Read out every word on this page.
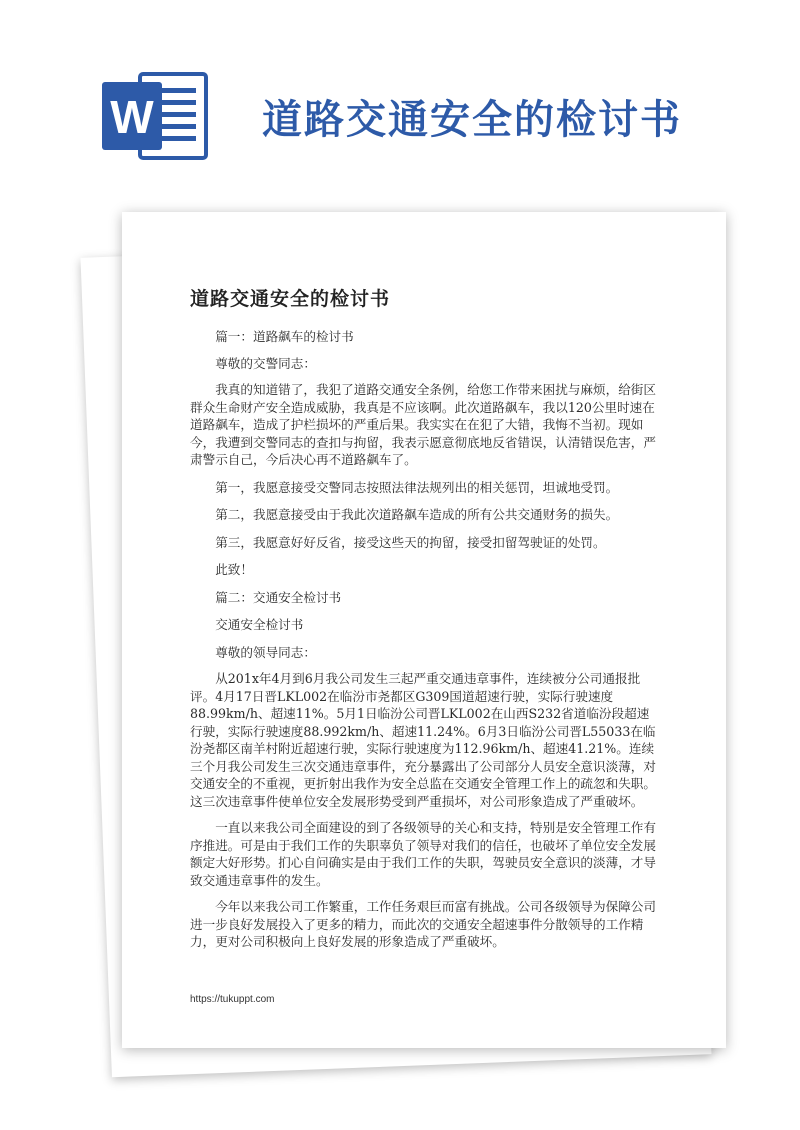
W	道路交通安全的检讨书
道路交通安全的检讨书

篇一：道路飙车的检讨书

尊敬的交警同志：

我真的知道错了，我犯了道路交通安全条例，给您工作带来困扰与麻烦，给街区群众生命财产安全造成威胁，我真是不应该啊。此次道路飙车，我以120公里时速在道路飙车，造成了护栏损坏的严重后果。我实实在在犯了大错，我悔不当初。现如今，我遭到交警同志的查扣与拘留，我表示愿意彻底地反省错误，认清错误危害，严肃警示自己，今后决心再不道路飙车了。

第一，我愿意接受交警同志按照法律法规列出的相关惩罚，坦诚地受罚。

第二，我愿意接受由于我此次道路飙车造成的所有公共交通财务的损失。

第三，我愿意好好反省，接受这些天的拘留，接受扣留驾驶证的处罚。

此致！

篇二：交通安全检讨书

交通安全检讨书

尊敬的领导同志：

从201x年4月到6月我公司发生三起严重交通违章事件，连续被分公司通报批评。4月17日晋LKL002在临汾市尧都区G309国道超速行驶，实际行驶速度88.99km/h、超速11%。5月1日临汾公司晋LKL002在山西S232省道临汾段超速行驶，实际行驶速度88.992km/h、超速11.24%。6月3日临汾公司晋L55033在临汾尧都区南羊村附近超速行驶，实际行驶速度为112.96km/h、超速41.21%。连续三个月我公司发生三次交通违章事件，充分暴露出了公司部分人员安全意识淡薄，对交通安全的不重视，更折射出我作为安全总监在交通安全管理工作上的疏忽和失职。这三次违章事件使单位安全发展形势受到严重损坏，对公司形象造成了严重破坏。

一直以来我公司全面建设的到了各级领导的关心和支持，特别是安全管理工作有序推进。可是由于我们工作的失职辜负了领导对我们的信任，也破坏了单位安全发展额定大好形势。扪心自问确实是由于我们工作的失职，驾驶员安全意识的淡薄，才导致交通违章事件的发生。

今年以来我公司工作繁重，工作任务艰巨而富有挑战。公司各级领导为保障公司进一步良好发展投入了更多的精力，而此次的交通安全超速事件分散领导的工作精力，更对公司积极向上良好发展的形象造成了严重破坏。

https://tukuppt.com
